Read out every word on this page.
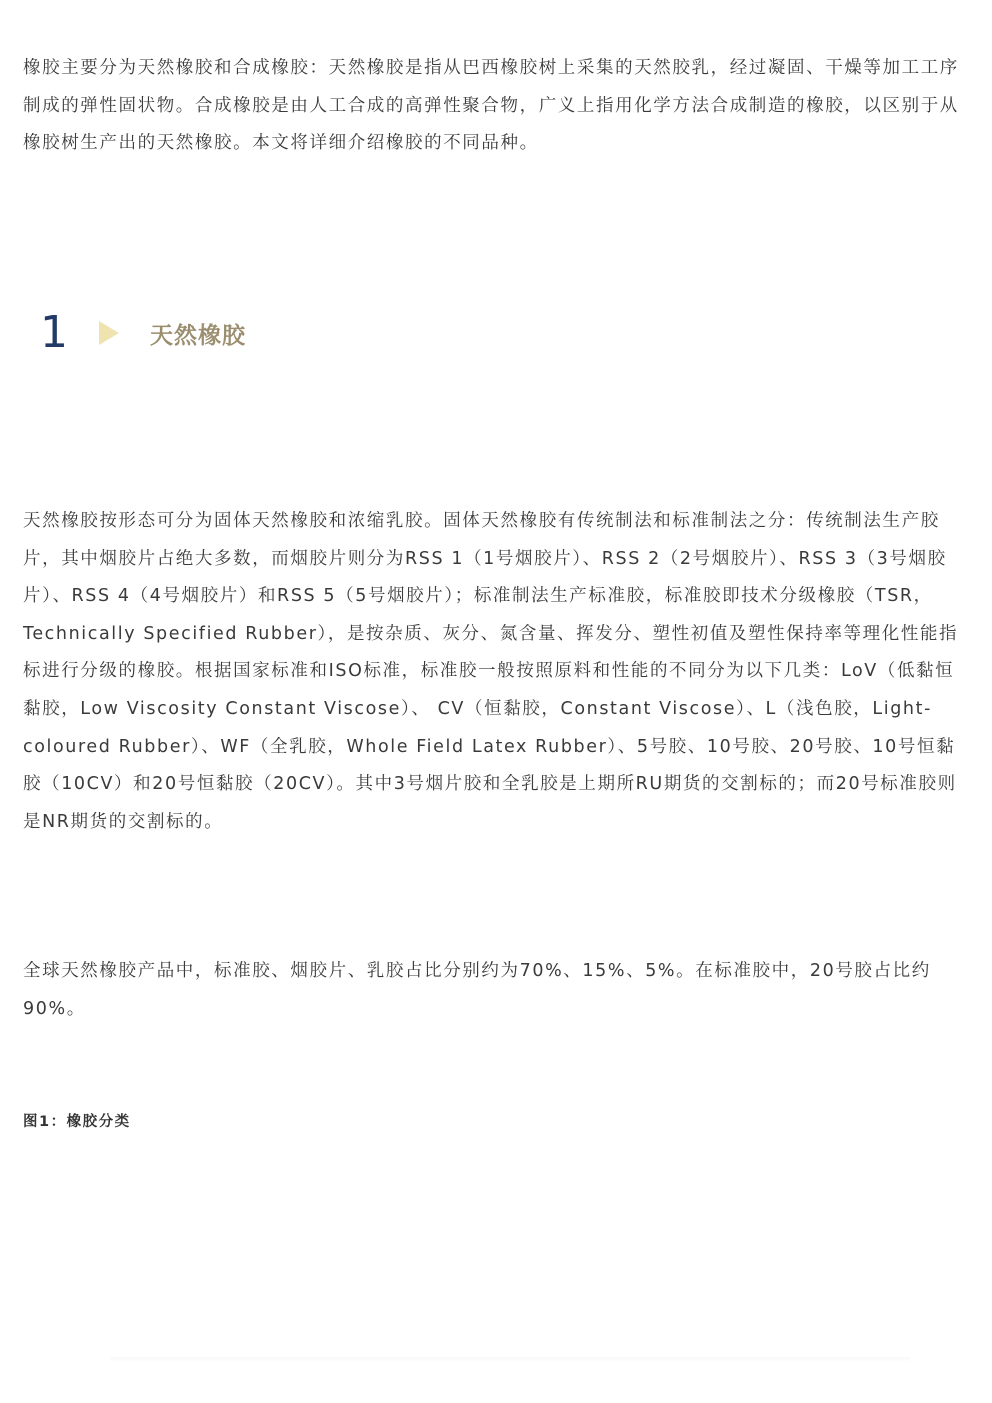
橡胶主要分为天然橡胶和合成橡胶：天然橡胶是指从巴西橡胶树上采集的天然胶乳，经过凝固、干燥等加工工序制成的弹性固状物。合成橡胶是由人工合成的高弹性聚合物，广义上指用化学方法合成制造的橡胶，以区别于从橡胶树生产出的天然橡胶。本文将详细介绍橡胶的不同品种。

1	天然橡胶

天然橡胶按形态可分为固体天然橡胶和浓缩乳胶。固体天然橡胶有传统制法和标准制法之分：传统制法生产胶片，其中烟胶片占绝大多数，而烟胶片则分为RSS 1（1号烟胶片）、RSS 2（2号烟胶片）、RSS 3（3号烟胶片）、RSS 4（4号烟胶片）和RSS 5（5号烟胶片）；标准制法生产标准胶，标准胶即技术分级橡胶（TSR，Technically Specified Rubber），是按杂质、灰分、氮含量、挥发分、塑性初值及塑性保持率等理化性能指标进行分级的橡胶。根据国家标准和ISO标准，标准胶一般按照原料和性能的不同分为以下几类：LoV（低黏恒黏胶，Low Viscosity Constant Viscose）、 CV（恒黏胶，Constant Viscose）、L（浅色胶，Light-coloured Rubber）、WF（全乳胶，Whole Field Latex Rubber）、5号胶、10号胶、20号胶、10号恒黏胶（10CV）和20号恒黏胶（20CV）。其中3号烟片胶和全乳胶是上期所RU期货的交割标的；而20号标准胶则是NR期货的交割标的。

全球天然橡胶产品中，标准胶、烟胶片、乳胶占比分别约为70%、15%、5%。在标准胶中，20号胶占比约90%。

图1：橡胶分类
